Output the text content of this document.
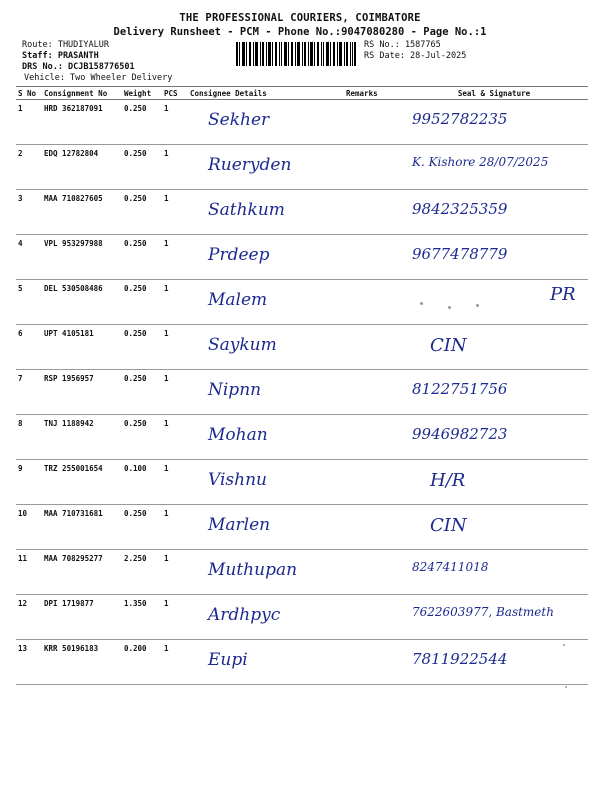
THE PROFESSIONAL COURIERS, COIMBATORE
Delivery Runsheet - PCM - Phone No.:9047080280 - Page No.:1
Route: THUDIYALUR
Staff: PRASANTH
DRS No.: DCJB158776501
RS No.: 1587765
RS Date: 28-Jul-2025
Vehicle: Two Wheeler Delivery
S No	Consignment No	Weight	PCS	Consignee Details	Remarks	Seal & Signature
1	HRD 362187091	0.250	1	Sekher		9952782235

2	EDQ 12782804	0.250	1	Rueryden		K. Kishore 28/07/2025

3	MAA 710827605	0.250	1	Sathkum		9842325359

4	VPL 953297988	0.250	1	Prdeep		9677478779

5	DEL 530508486	0.250	1	Malem		PR

6	UPT 4105181	0.250	1	Saykum		CIN

7	RSP 1956957	0.250	1	Nipnn		8122751756

8	TNJ 1188942	0.250	1	Mohan		9946982723

9	TRZ 255001654	0.100	1	Vishnu		H/R

10	MAA 710731681	0.250	1	Marlen		CIN

11	MAA 708295277	2.250	1	Muthupan		8247411018

12	DPI 1719877	1.350	1	Ardhpyc		7622603977, Bastmeth

13	KRR 50196183	0.200	1	Eupi		7811922544
